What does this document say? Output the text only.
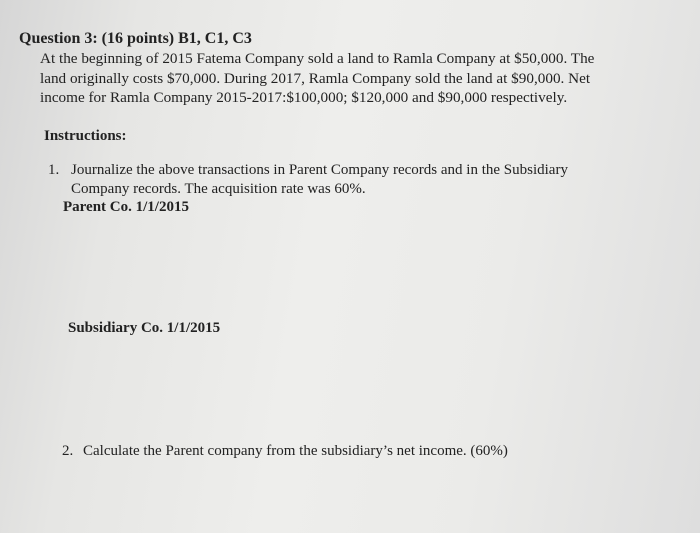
Question 3: (16 points) B1, C1, C3
At the beginning of 2015 Fatema Company sold a land to Ramla Company at $50,000. The
land originally costs $70,000. During 2017, Ramla Company sold the land at $90,000. Net
income for Ramla Company 2015-2017:$100,000; $120,000 and $90,000 respectively.
Instructions:
1. Journalize the above transactions in Parent Company records and in the Subsidiary
Company records. The acquisition rate was 60%.
Parent Co. 1/1/2015
Subsidiary Co. 1/1/2015
2. Calculate the Parent company from the subsidiary’s net income. (60%)
